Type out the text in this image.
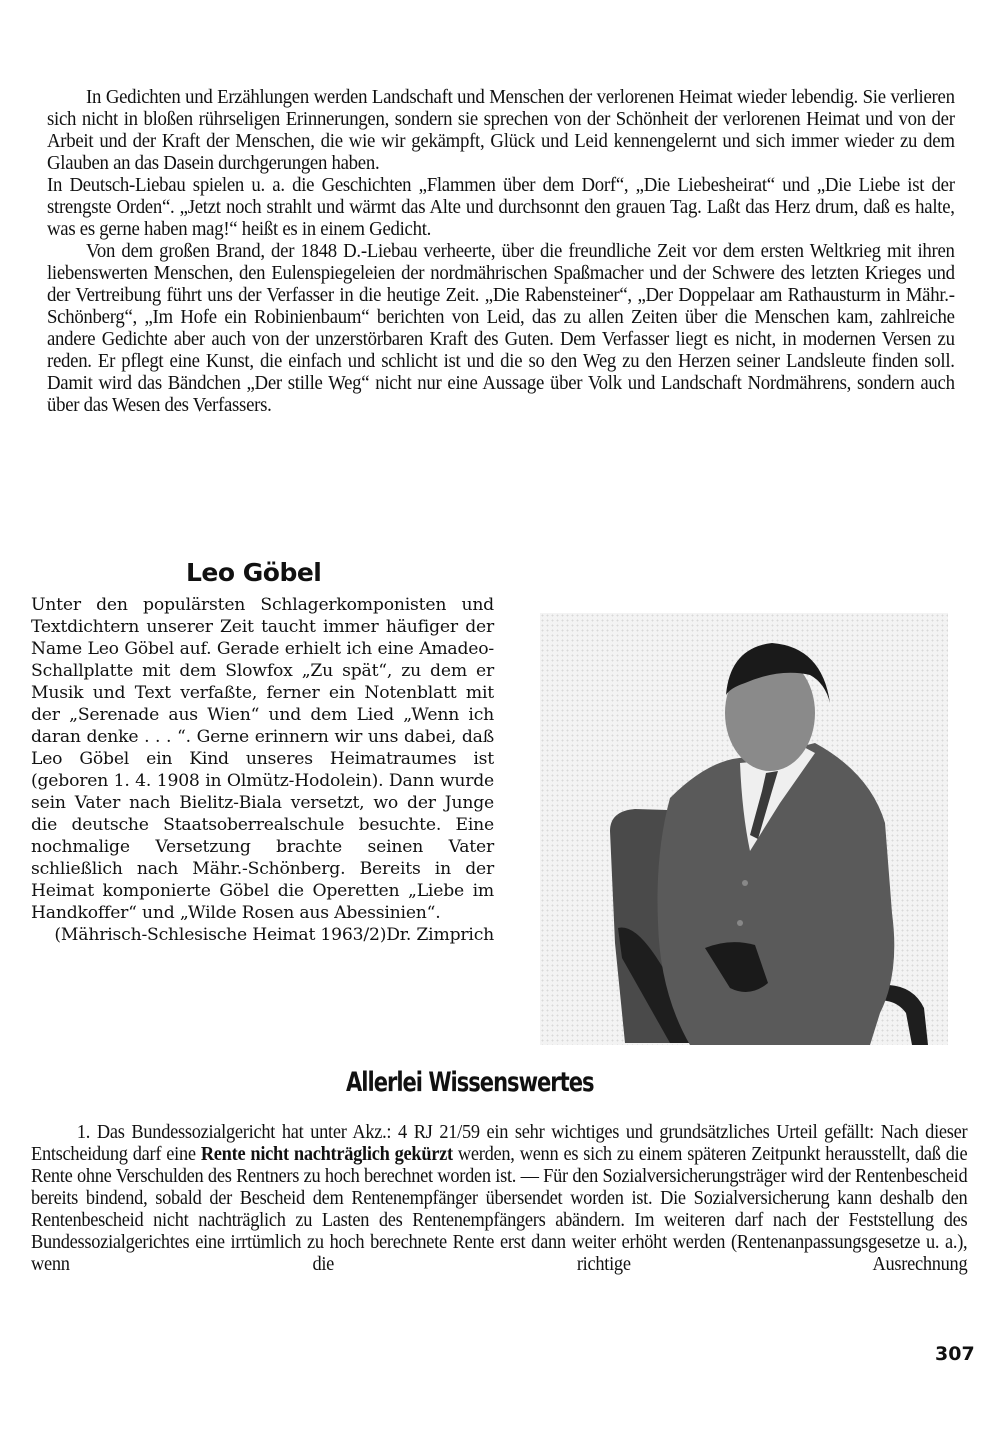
In Gedichten und Erzählungen werden Landschaft und Menschen der verlorenen Heimat wieder lebendig. Sie verlieren sich nicht in bloßen rührseligen Erinnerungen, sondern sie sprechen von der Schönheit der verlorenen Heimat und von der Arbeit und der Kraft der Menschen, die wie wir gekämpft, Glück und Leid kennengelernt und sich immer wieder zu dem Glauben an das Dasein durchgerungen haben.

In Deutsch-Liebau spielen u. a. die Geschichten „Flammen über dem Dorf“, „Die Liebesheirat“ und „Die Liebe ist der strengste Orden“. „Jetzt noch strahlt und wärmt das Alte und durchsonnt den grauen Tag. Laßt das Herz drum, daß es halte, was es gerne haben mag!“ heißt es in einem Gedicht.

Von dem großen Brand, der 1848 D.-Liebau verheerte, über die freundliche Zeit vor dem ersten Weltkrieg mit ihren liebenswerten Menschen, den Eulenspiegeleien der nordmährischen Spaßmacher und der Schwere des letzten Krieges und der Vertreibung führt uns der Verfasser in die heutige Zeit. „Die Rabensteiner“, „Der Doppelaar am Rathausturm in Mähr.-Schönberg“, „Im Hofe ein Robinienbaum“ berichten von Leid, das zu allen Zeiten über die Menschen kam, zahlreiche andere Gedichte aber auch von der unzerstörbaren Kraft des Guten. Dem Verfasser liegt es nicht, in modernen Versen zu reden. Er pflegt eine Kunst, die einfach und schlicht ist und die so den Weg zu den Herzen seiner Landsleute finden soll. Damit wird das Bändchen „Der stille Weg“ nicht nur eine Aussage über Volk und Landschaft Nordmährens, sondern auch über das Wesen des Verfassers.

Leo Göbel

Unter den populärsten Schlagerkomponisten und Textdichtern unserer Zeit taucht immer häufiger der Name Leo Göbel auf. Gerade erhielt ich eine Amadeo-Schallplatte mit dem Slowfox „Zu spät“, zu dem er Musik und Text verfaßte, ferner ein Notenblatt mit der „Serenade aus Wien“ und dem Lied „Wenn ich daran denke . . . “. Gerne erinnern wir uns dabei, daß Leo Göbel ein Kind unseres Heimatraumes ist (geboren 1. 4. 1908 in Olmütz-Hodolein). Dann wurde sein Vater nach Bielitz-Biala versetzt, wo der Junge die deutsche Staatsoberrealschule besuchte. Eine nochmalige Versetzung brachte seinen Vater schließlich nach Mähr.-Schönberg. Bereits in der Heimat komponierte Göbel die Operetten „Liebe im Handkoffer“ und „Wilde Rosen aus Abessinien“.
Dr. Zimprich

(Mährisch-Schlesische Heimat 1963/2)

Allerlei Wissenswertes

1. Das Bundessozialgericht hat unter Akz.: 4 RJ 21/59 ein sehr wichtiges und grundsätzliches Urteil gefällt: Nach dieser Entscheidung darf eine Rente nicht nachträglich gekürzt werden, wenn es sich zu einem späteren Zeitpunkt herausstellt, daß die Rente ohne Verschulden des Rentners zu hoch berechnet worden ist. — Für den Sozialversicherungsträger wird der Rentenbescheid bereits bindend, sobald der Bescheid dem Rentenempfänger übersendet worden ist. Die Sozialversicherung kann deshalb den Rentenbescheid nicht nachträglich zu Lasten des Rentenempfängers abändern. Im weiteren darf nach der Feststellung des Bundessozialgerichtes eine irrtümlich zu hoch berechnete Rente erst dann weiter erhöht werden (Rentenanpassungsgesetze u. a.), wenn die richtige Ausrechnung

307
